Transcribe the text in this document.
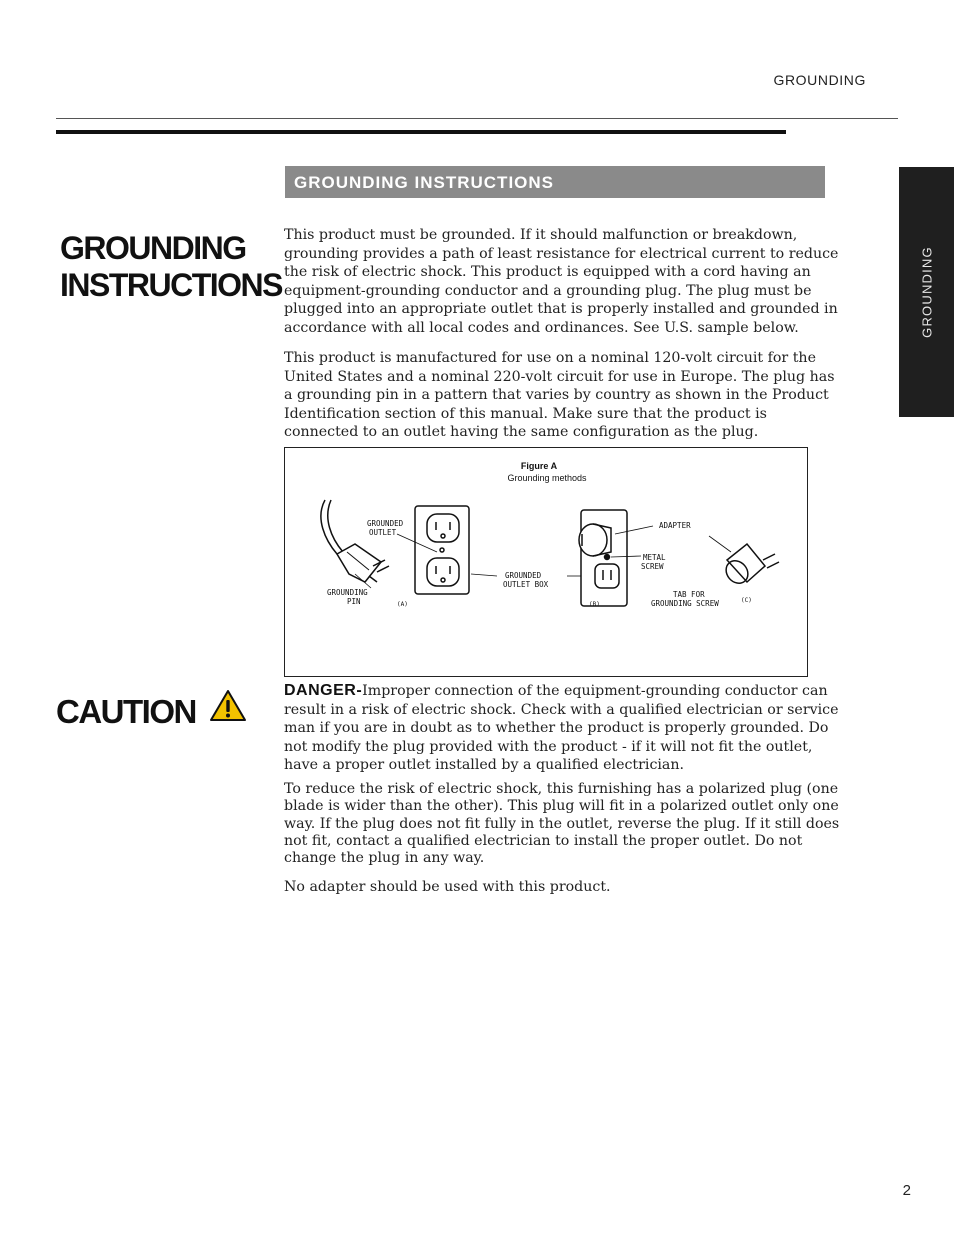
GROUNDING
GROUNDING
GROUNDING
INSTRUCTIONS
CAUTION
GROUNDING INSTRUCTIONS

This product must be grounded. If it should malfunction or breakdown, grounding provides a path of least resistance for electrical current to reduce the risk of electric shock. This product is equipped with a cord having an equipment-grounding conductor and a grounding plug. The plug must be plugged into an appropriate outlet that is properly installed and grounded in accordance with all local codes and ordinances. See U.S. sample below.

This product is manufactured for use on a nominal 120-volt circuit for the United States and a nominal 220-volt circuit for use in Europe. The plug has a grounding pin in a pattern that varies by country as shown in the Product Identification section of this manual. Make sure that the product is connected to an outlet having the same configuration as the plug.

Figure A
Grounding methods
GROUNDED
OUTLET
GROUNDING
PIN
GROUNDED
OUTLET BOX
ADAPTER
METAL
SCREW
TAB FOR
GROUNDING SCREW
(A)	(B)
(C)

DANGER-Improper connection of the equipment-grounding conductor can result in a risk of electric shock. Check with a qualified electrician or service man if you are in doubt as to whether the product is properly grounded. Do not modify the plug provided with the product - if it will not fit the outlet, have a proper outlet installed by a qualified electrician.

To reduce the risk of electric shock, this furnishing has a polarized plug (one blade is wider than the other). This plug will fit in a polarized outlet only one way. If the plug does not fit fully in the outlet, reverse the plug. If it still does not fit, contact a qualified electrician to install the proper outlet. Do not change the plug in any way.

No adapter should be used with this product.

2
